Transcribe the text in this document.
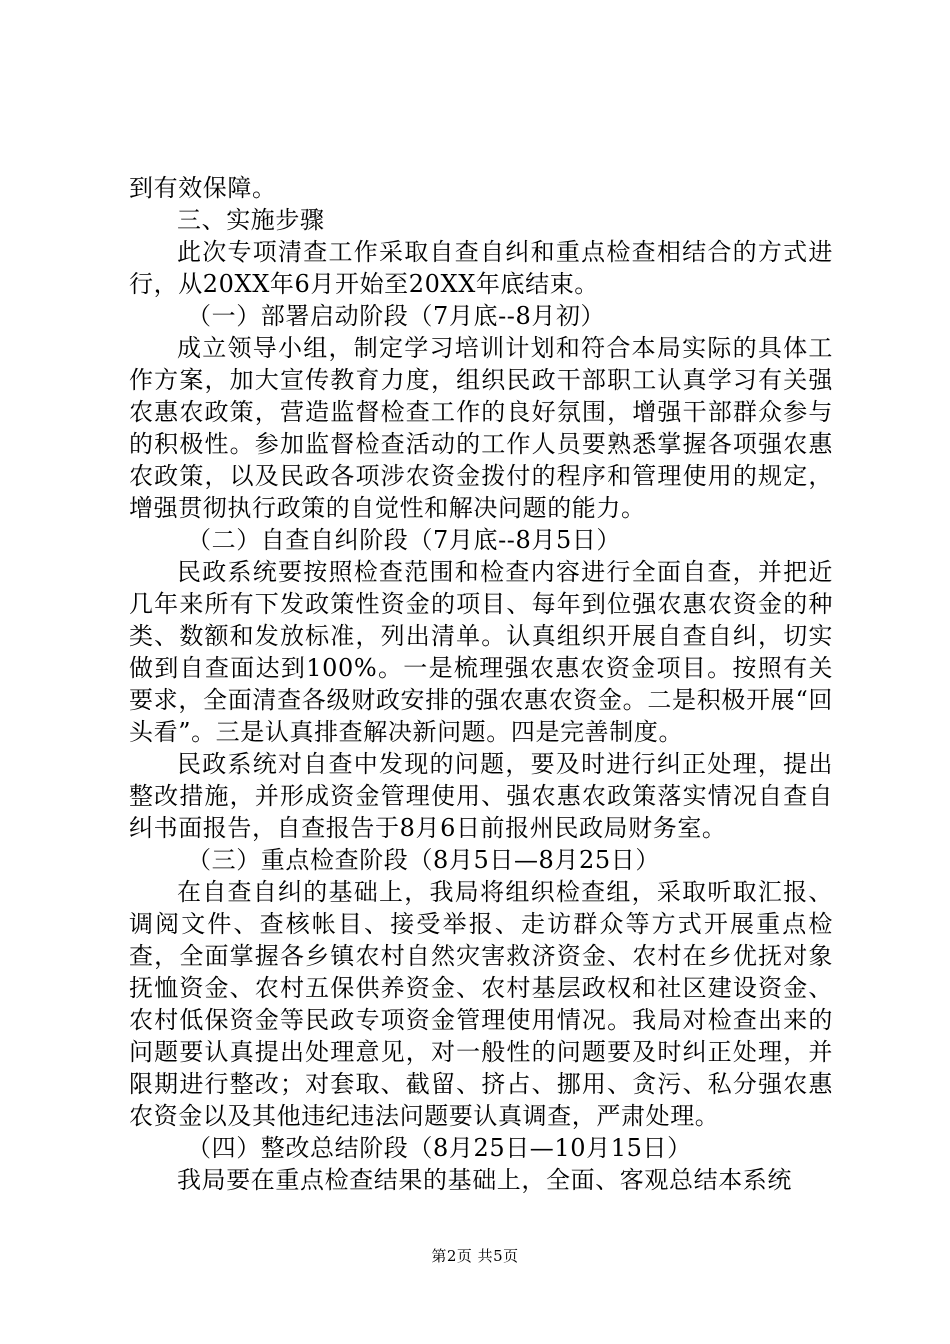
到有效保障。

三、实施步骤

此次专项清查工作采取自查自纠和重点检查相结合的方式进行，从20XX年6月开始至20XX年底结束。

（一）部署启动阶段（7月底--8月初）

成立领导小组，制定学习培训计划和符合本局实际的具体工作方案，加大宣传教育力度，组织民政干部职工认真学习有关强农惠农政策，营造监督检查工作的良好氛围，增强干部群众参与的积极性。参加监督检查活动的工作人员要熟悉掌握各项强农惠农政策，以及民政各项涉农资金拨付的程序和管理使用的规定，增强贯彻执行政策的自觉性和解决问题的能力。

（二）自查自纠阶段（7月底--8月5日）

民政系统要按照检查范围和检查内容进行全面自查，并把近几年来所有下发政策性资金的项目、每年到位强农惠农资金的种类、数额和发放标准，列出清单。认真组织开展自查自纠，切实做到自查面达到100%。一是梳理强农惠农资金项目。按照有关要求，全面清查各级财政安排的强农惠农资金。二是积极开展“回头看”。三是认真排查解决新问题。四是完善制度。

民政系统对自查中发现的问题，要及时进行纠正处理，提出整改措施，并形成资金管理使用、强农惠农政策落实情况自查自纠书面报告，自查报告于8月6日前报州民政局财务室。

（三）重点检查阶段（8月5日—8月25日）

在自查自纠的基础上，我局将组织检查组，采取听取汇报、调阅文件、查核帐目、接受举报、走访群众等方式开展重点检查，全面掌握各乡镇农村自然灾害救济资金、农村在乡优抚对象抚恤资金、农村五保供养资金、农村基层政权和社区建设资金、农村低保资金等民政专项资金管理使用情况。我局对检查出来的问题要认真提出处理意见，对一般性的问题要及时纠正处理，并限期进行整改；对套取、截留、挤占、挪用、贪污、私分强农惠农资金以及其他违纪违法问题要认真调查，严肃处理。

（四）整改总结阶段（8月25日—10月15日）

我局要在重点检查结果的基础上，全面、客观总结本系统

第2页 共5页
